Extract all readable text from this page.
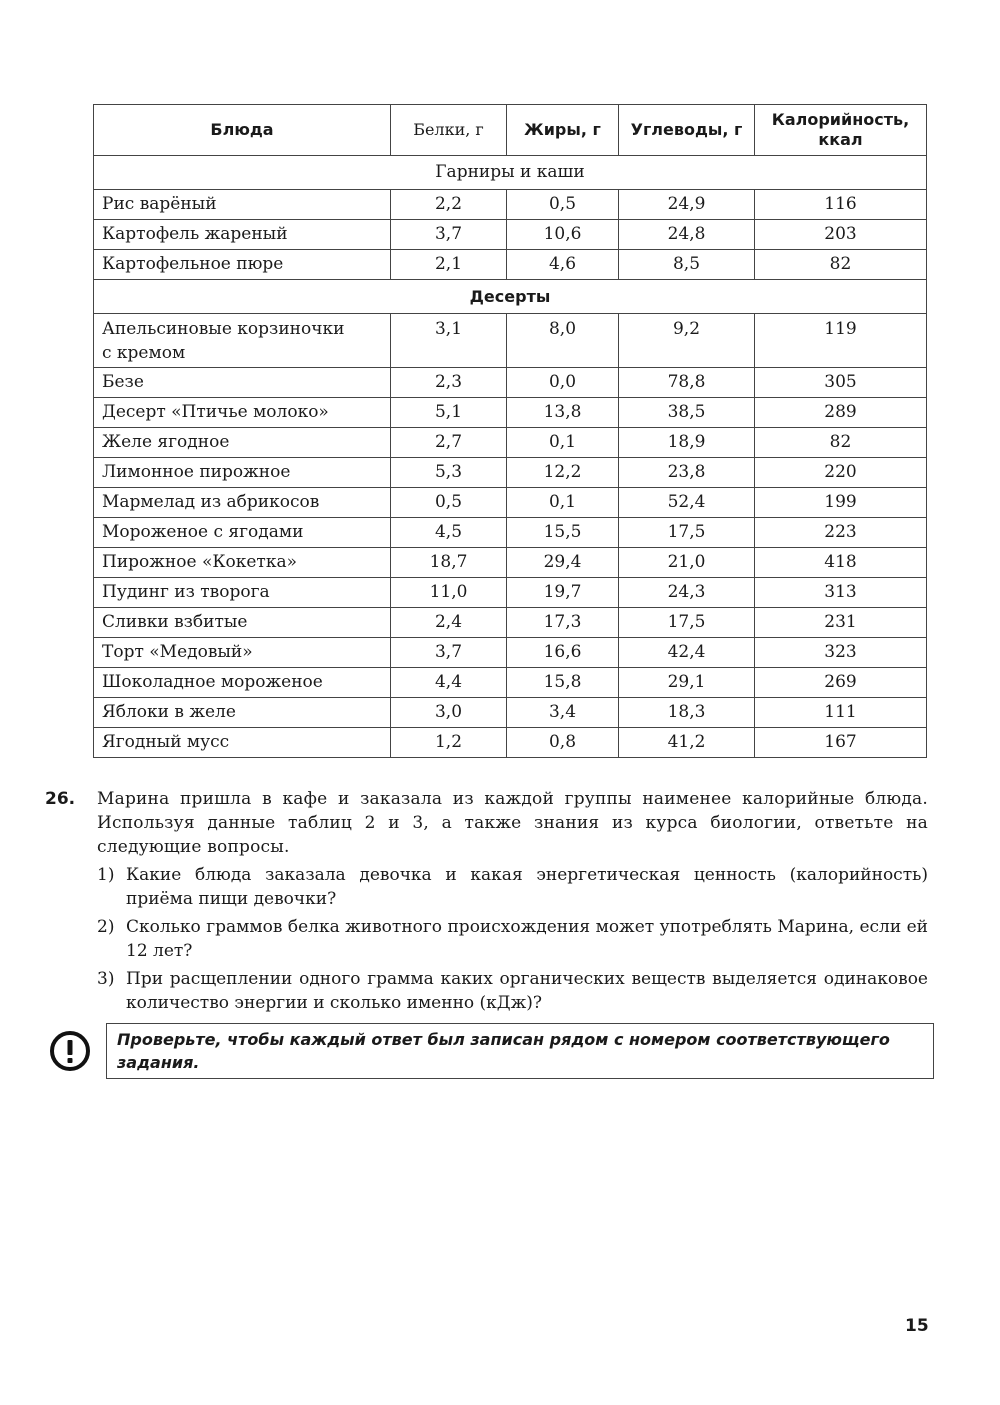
Блюда	Белки, г	Жиры, г	Углеводы, г	Калорийность,
ккал
Гарниры и каши				
Рис варёный	2,2	0,5	24,9	116
Картофель жареный	3,7	10,6	24,8	203
Картофельное пюре	2,1	4,6	8,5	82
Десерты				
Апельсиновые корзиночки
с кремом	3,1	8,0	9,2	119
Безе	2,3	0,0	78,8	305
Десерт «Птичье молоко»	5,1	13,8	38,5	289
Желе ягодное	2,7	0,1	18,9	82
Лимонное пирожное	5,3	12,2	23,8	220
Мармелад из абрикосов	0,5	0,1	52,4	199
Мороженое с ягодами	4,5	15,5	17,5	223
Пирожное «Кокетка»	18,7	29,4	21,0	418
Пудинг из творога	11,0	19,7	24,3	313
Сливки взбитые	2,4	17,3	17,5	231
Торт «Медовый»	3,7	16,6	42,4	323
Шоколадное мороженое	4,4	15,8	29,1	269
Яблоки в желе	3,0	3,4	18,3	111
Ягодный мусс	1,2	0,8	41,2	167
26.	Марина пришла в кафе и заказала из каждой группы наименее калорийные блюда. Используя данные таблиц 2 и 3, а также знания из курса биологии, ответьте на следующие вопросы.
1) Какие блюда заказала девочка и какая энергетическая ценность (калорийность) приёма пищи девочки?
2) Сколько граммов белка животного происхождения может употреблять Марина, если ей 12 лет?
3) При расщеплении одного грамма каких органических веществ выделяется одинаковое количество энергии и сколько именно (кДж)?
Проверьте, чтобы каждый ответ был записан рядом с номером соответствующего задания.
15
